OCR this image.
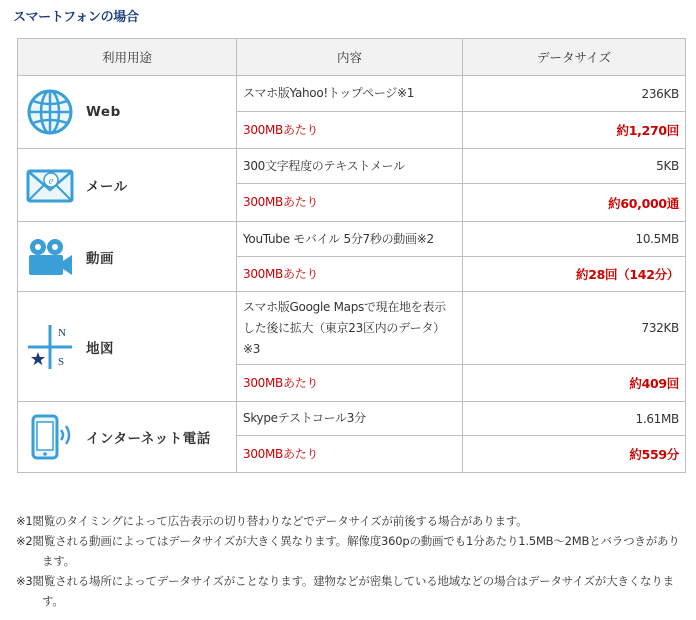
スマートフォンの場合
利用用途	内容	データサイズ

Web	スマホ版Yahoo!トップページ※1	236KB
	300MBあたり	約1,270回

e メール	300文字程度のテキストメール	5KB
	300MBあたり	約60,000通

動画	YouTube モバイル 5分7秒の動画※2	10.5MB
	300MBあたり	約28回（142分）

N
S
地図	スマホ版Google Mapsで現在地を表示した後に拡大（東京23区内のデータ）※3	732KB
	300MBあたり	約409回

インターネット電話	Skypeテストコール3分	1.61MB
	300MBあたり	約559分
※1閲覧のタイミングによって広告表示の切り替わりなどでデータサイズが前後する場合があります。
※2閲覧される動画によってはデータサイズが大きく異なります。解像度360pの動画でも1分あたり1.5MB～2MBとバラつきがあります。
※3閲覧される場所によってデータサイズがことなります。建物などが密集している地域などの場合はデータサイズが大きくなります。
